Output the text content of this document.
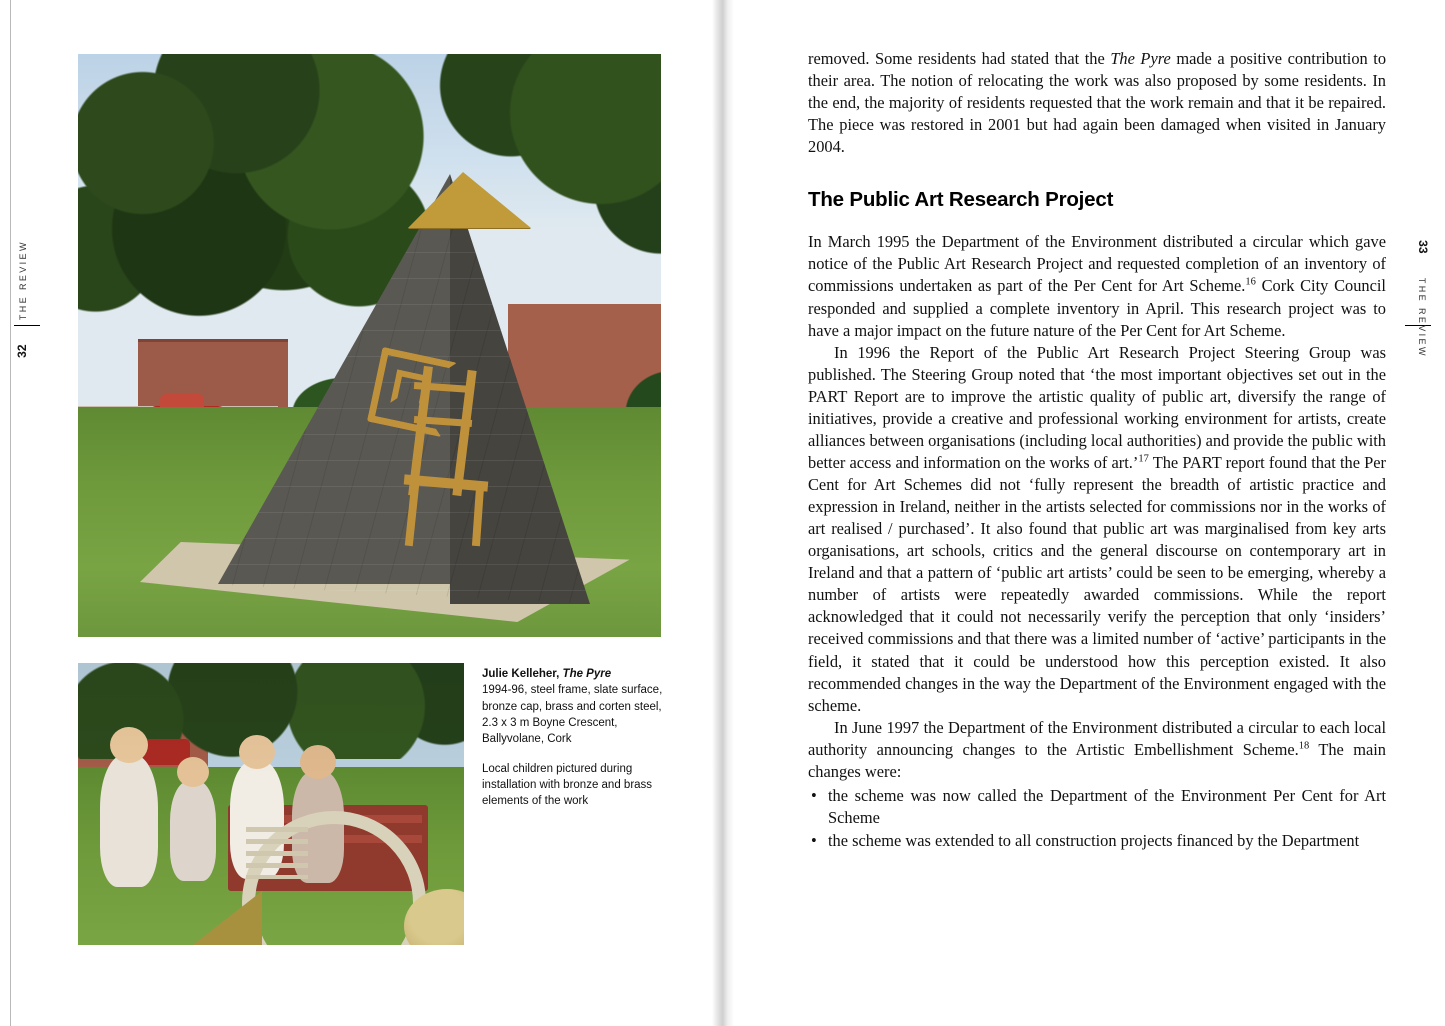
32     THE REVIEW

Julie Kelleher, The Pyre
1994-96, steel frame, slate surface, bronze cap, brass and corten steel, 2.3 x 3 m Boyne Crescent, Ballyvolane, Cork

Local children pictured during installation with bronze and brass elements of the work

33     THE REVIEW

removed. Some residents had stated that the The Pyre made a positive contribution to their area. The notion of relocating the work was also proposed by some residents. In the end, the majority of residents requested that the work remain and that it be repaired. The piece was restored in 2001 but had again been damaged when visited in January 2004.

The Public Art Research Project

In March 1995 the Department of the Environment distributed a circular which gave notice of the Public Art Research Project and requested completion of an inventory of commissions undertaken as part of the Per Cent for Art Scheme.$^{16}$ Cork City Council responded and supplied a complete inventory in April. This research project was to have a major impact on the future nature of the Per Cent for Art Scheme.

In 1996 the Report of the Public Art Research Project Steering Group was published. The Steering Group noted that ‘the most important objectives set out in the PART Report are to improve the artistic quality of public art, diversify the range of initiatives, provide a creative and professional working environment for artists, create alliances between organisations (including local authorities) and provide the public with better access and information on the works of art.’$^{17}$ The PART report found that the Per Cent for Art Schemes did not ‘fully represent the breadth of artistic practice and expression in Ireland, neither in the artists selected for commissions nor in the works of art realised / purchased’. It also found that public art was marginalised from key arts organisations, art schools, critics and the general discourse on contemporary art in Ireland and that a pattern of ‘public art artists’ could be seen to be emerging, whereby a number of artists were repeatedly awarded commissions. While the report acknowledged that it could not necessarily verify the perception that only ‘insiders’ received commissions and that there was a limited number of ‘active’ participants in the field, it stated that it could be understood how this perception existed. It also recommended changes in the way the Department of the Environment engaged with the scheme.

In June 1997 the Department of the Environment distributed a circular to each local authority announcing changes to the Artistic Embellishment Scheme.$^{18}$ The main changes were:

• the scheme was now called the Department of the Environment Per Cent for Art Scheme
• the scheme was extended to all construction projects financed by the Department
